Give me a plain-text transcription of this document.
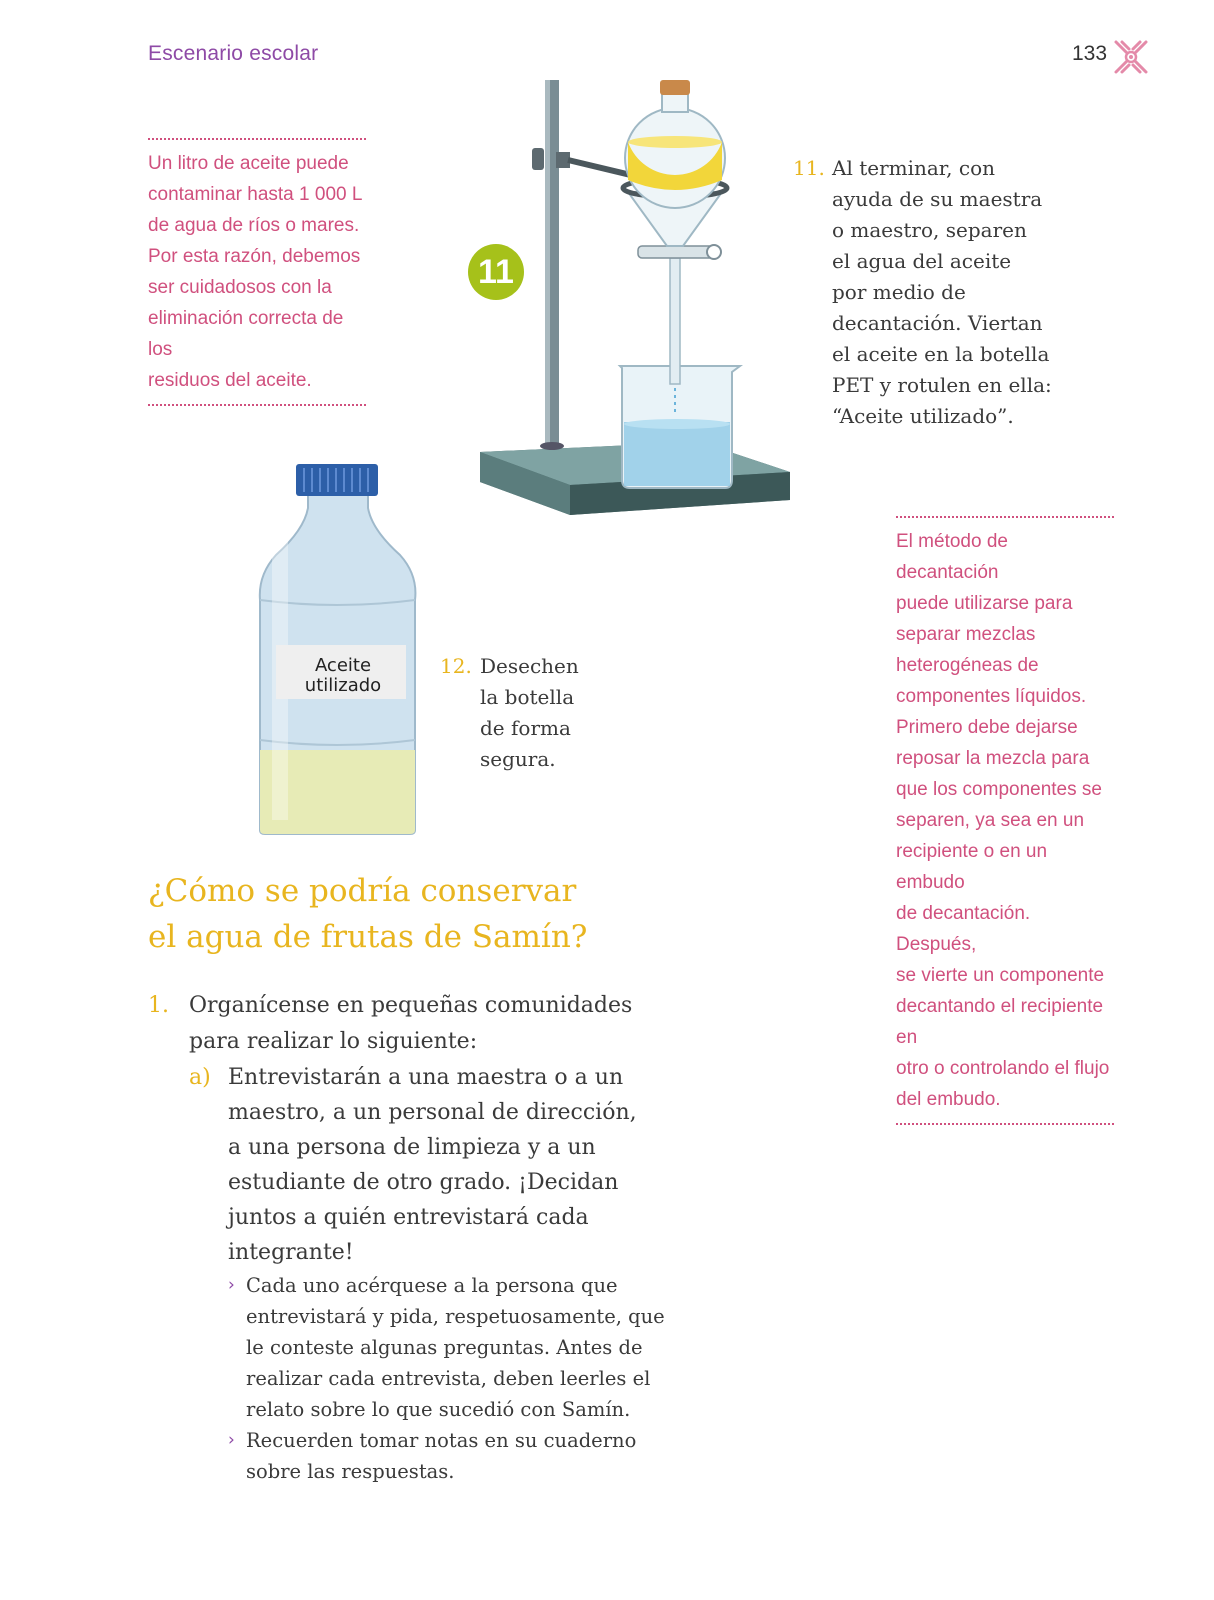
Escenario escolar	133
Un litro de aceite puede
contaminar hasta 1 000 L
de agua de ríos o mares.
Por esta razón, debemos
ser cuidadosos con la
eliminación correcta de los
residuos del aceite.
11
11. Al terminar, con
ayuda de su maestra
o maestro, separen
el agua del aceite
por medio de
decantación. Viertan
el aceite en la botella
PET y rotulen en ella:
“Aceite utilizado”.
Aceite
utilizado
12. Desechen
la botella
de forma
segura.
El método de decantación
puede utilizarse para
separar mezclas
heterogéneas de
componentes líquidos.
Primero debe dejarse
reposar la mezcla para
que los componentes se
separen, ya sea en un
recipiente o en un embudo
de decantación. Después,
se vierte un componente
decantando el recipiente en
otro o controlando el flujo
del embudo.
¿Cómo se podría conservar
el agua de frutas de Samín?
1. Organícense en pequeñas comunidades
para realizar lo siguiente:
a) Entrevistarán a una maestra o a un
maestro, a un personal de dirección,
a una persona de limpieza y a un
estudiante de otro grado. ¡Decidan
juntos a quién entrevistará cada
integrante!
› Cada uno acérquese a la persona que
entrevistará y pida, respetuosamente, que
le conteste algunas preguntas. Antes de
realizar cada entrevista, deben leerles el
relato sobre lo que sucedió con Samín.
› Recuerden tomar notas en su cuaderno
sobre las respuestas.
